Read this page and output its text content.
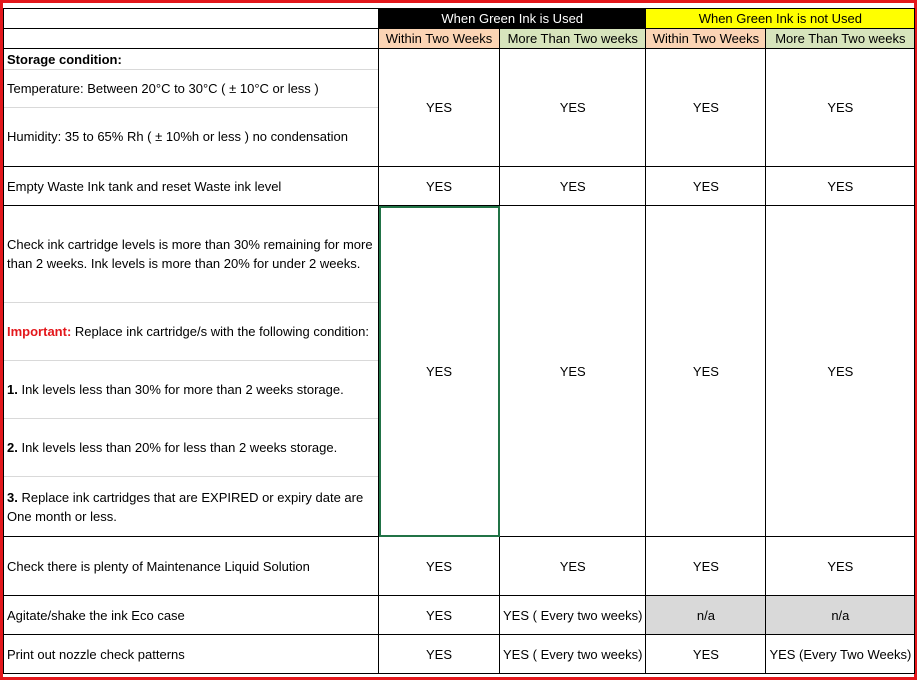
	When Green Ink is Used		When Green Ink is not Used	
	Within Two Weeks	More Than Two weeks	Within Two Weeks	More Than Two weeks

Storage condition:
Temperature: Between 20°C to 30°C ( ± 10°C or less )
Humidity: 35 to 65% Rh ( ± 10%h or less ) no condensation	YES	YES	YES	YES
Empty Waste Ink tank and reset Waste ink level	YES	YES	YES	YES

Check ink cartridge levels is more than 30% remaining for more than 2 weeks. Ink levels is more than 20% for under 2 weeks.
Important: Replace ink cartridge/s with the following condition:
1. Ink levels less than 30% for more than 2 weeks storage.
2. Ink levels less than 20% for less than 2 weeks storage.
3. Replace ink cartridges that are EXPIRED or expiry date are One month or less.	YES	YES	YES	YES
Check there is plenty of Maintenance Liquid Solution	YES	YES	YES	YES
Agitate/shake the ink Eco case	YES	YES ( Every two weeks)	n/a	n/a
Print out nozzle check patterns	YES	YES ( Every two weeks)	YES	YES (Every Two Weeks)
